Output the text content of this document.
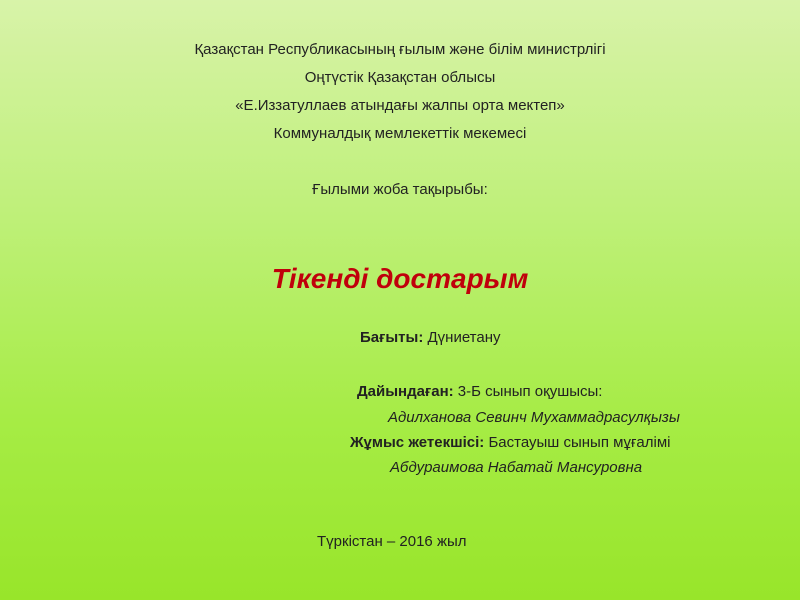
Қазақстан Республикасының ғылым және білім министрлігі
Оңтүстік Қазақстан облысы
«Е.Иззатуллаев атындағы жалпы орта мектеп»
Коммуналдық мемлекеттік мекемесі
Ғылыми жоба тақырыбы:
Тікенді достарым
Бағыты: Дүниетану
Дайындаған: 3-Б сынып оқушысы:
Адилханова Севинч Мухаммадрасулқызы
Жұмыс жетекшісі: Бастауыш сынып мұғалімі
Абдураимова Набатай Мансуровна
Түркістан – 2016 жыл
